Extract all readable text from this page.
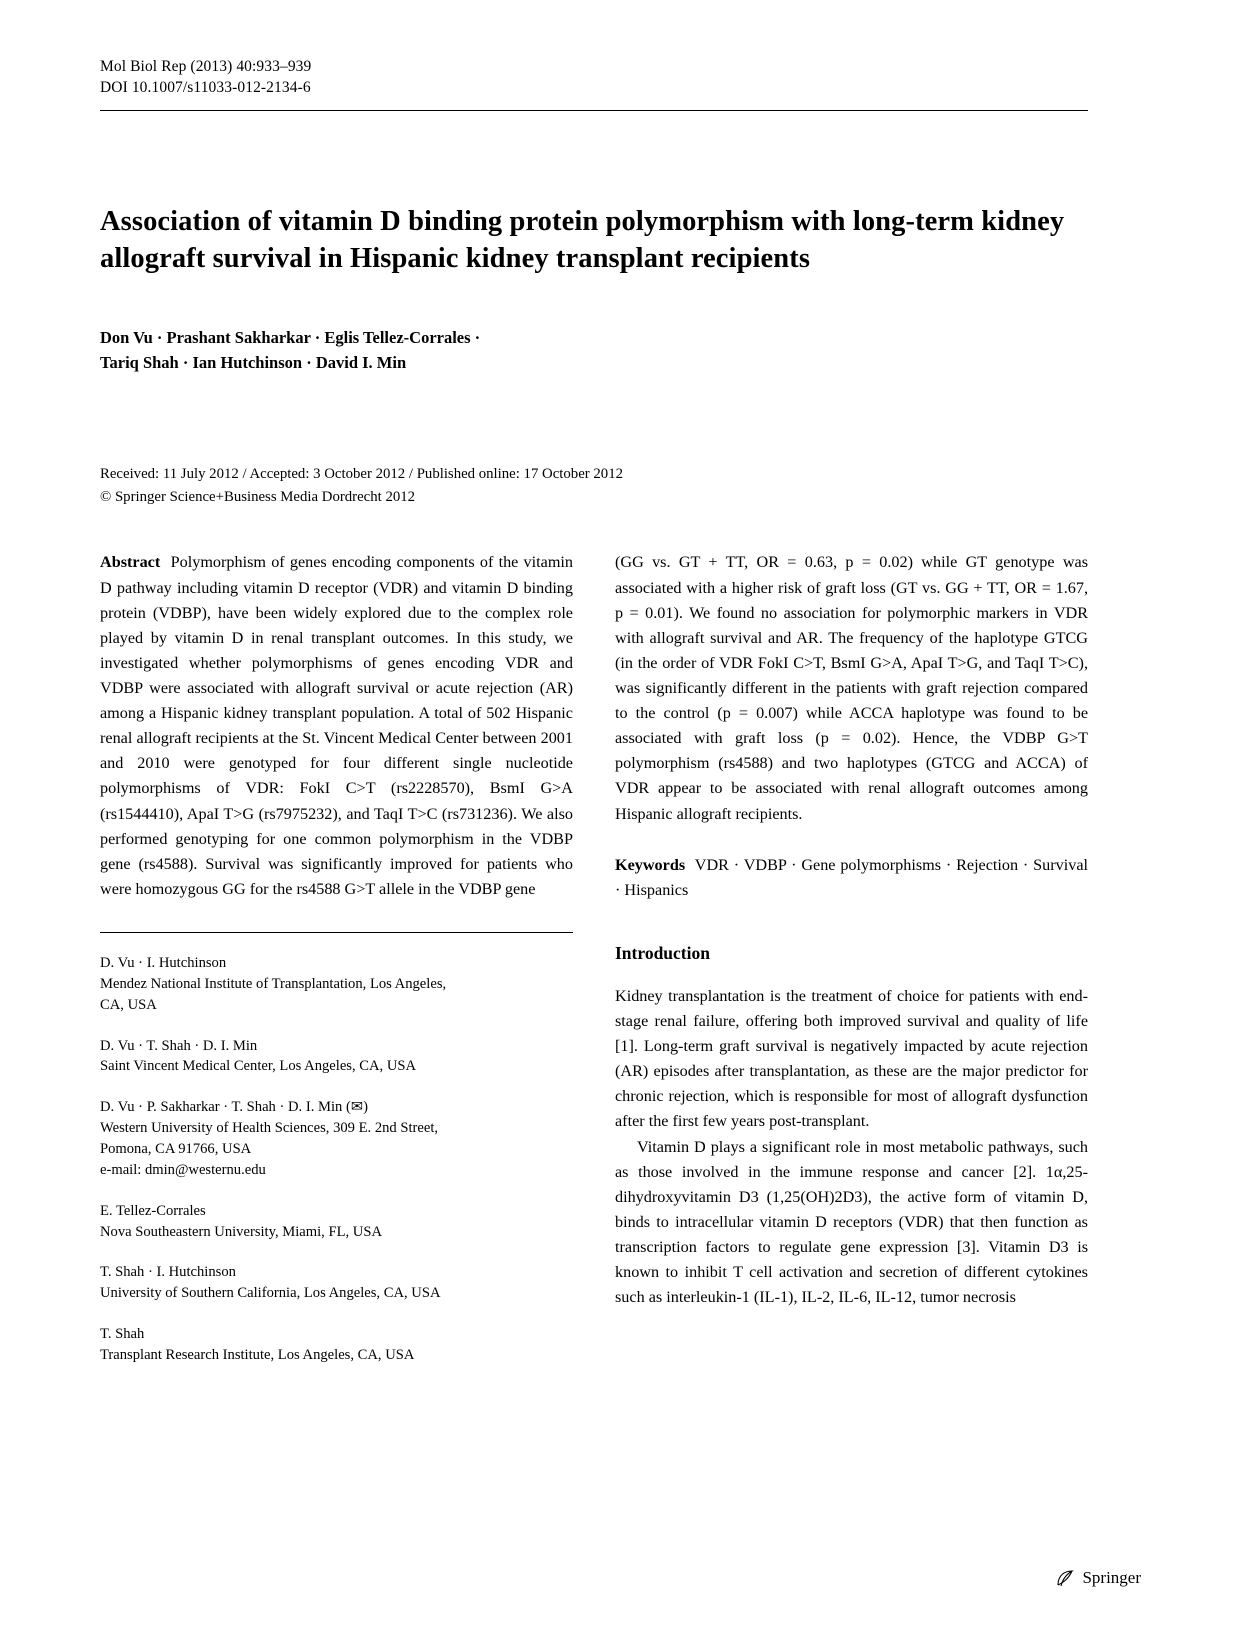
Mol Biol Rep (2013) 40:933–939
DOI 10.1007/s11033-012-2134-6
Association of vitamin D binding protein polymorphism with long-term kidney allograft survival in Hispanic kidney transplant recipients
Don Vu · Prashant Sakharkar · Eglis Tellez-Corrales ·
Tariq Shah · Ian Hutchinson · David I. Min
Received: 11 July 2012 / Accepted: 3 October 2012 / Published online: 17 October 2012
© Springer Science+Business Media Dordrecht 2012
Abstract Polymorphism of genes encoding components of the vitamin D pathway including vitamin D receptor (VDR) and vitamin D binding protein (VDBP), have been widely explored due to the complex role played by vitamin D in renal transplant outcomes. In this study, we investigated whether polymorphisms of genes encoding VDR and VDBP were associated with allograft survival or acute rejection (AR) among a Hispanic kidney transplant population. A total of 502 Hispanic renal allograft recipients at the St. Vincent Medical Center between 2001 and 2010 were genotyped for four different single nucleotide polymorphisms of VDR: FokI C>T (rs2228570), BsmI G>A (rs1544410), ApaI T>G (rs7975232), and TaqI T>C (rs731236). We also performed genotyping for one common polymorphism in the VDBP gene (rs4588). Survival was significantly improved for patients who were homozygous GG for the rs4588 G>T allele in the VDBP gene
D. Vu · I. Hutchinson
Mendez National Institute of Transplantation, Los Angeles,
CA, USA
D. Vu · T. Shah · D. I. Min
Saint Vincent Medical Center, Los Angeles, CA, USA
D. Vu · P. Sakharkar · T. Shah · D. I. Min (✉)
Western University of Health Sciences, 309 E. 2nd Street,
Pomona, CA 91766, USA
e-mail: dmin@westernu.edu
E. Tellez-Corrales
Nova Southeastern University, Miami, FL, USA
T. Shah · I. Hutchinson
University of Southern California, Los Angeles, CA, USA
T. Shah
Transplant Research Institute, Los Angeles, CA, USA
(GG vs. GT + TT, OR = 0.63, p = 0.02) while GT genotype was associated with a higher risk of graft loss (GT vs. GG + TT, OR = 1.67, p = 0.01). We found no association for polymorphic markers in VDR with allograft survival and AR. The frequency of the haplotype GTCG (in the order of VDR FokI C>T, BsmI G>A, ApaI T>G, and TaqI T>C), was significantly different in the patients with graft rejection compared to the control (p = 0.007) while ACCA haplotype was found to be associated with graft loss (p = 0.02). Hence, the VDBP G>T polymorphism (rs4588) and two haplotypes (GTCG and ACCA) of VDR appear to be associated with renal allograft outcomes among Hispanic allograft recipients.
Keywords VDR · VDBP · Gene polymorphisms · Rejection · Survival · Hispanics
Introduction

Kidney transplantation is the treatment of choice for patients with end-stage renal failure, offering both improved survival and quality of life [1]. Long-term graft survival is negatively impacted by acute rejection (AR) episodes after transplantation, as these are the major predictor for chronic rejection, which is responsible for most of allograft dysfunction after the first few years post-transplant.

Vitamin D plays a significant role in most metabolic pathways, such as those involved in the immune response and cancer [2]. 1α,25-dihydroxyvitamin D3 (1,25(OH)2D3), the active form of vitamin D, binds to intracellular vitamin D receptors (VDR) that then function as transcription factors to regulate gene expression [3]. Vitamin D3 is known to inhibit T cell activation and secretion of different cytokines such as interleukin-1 (IL-1), IL-2, IL-6, IL-12, tumor necrosis

Springer
